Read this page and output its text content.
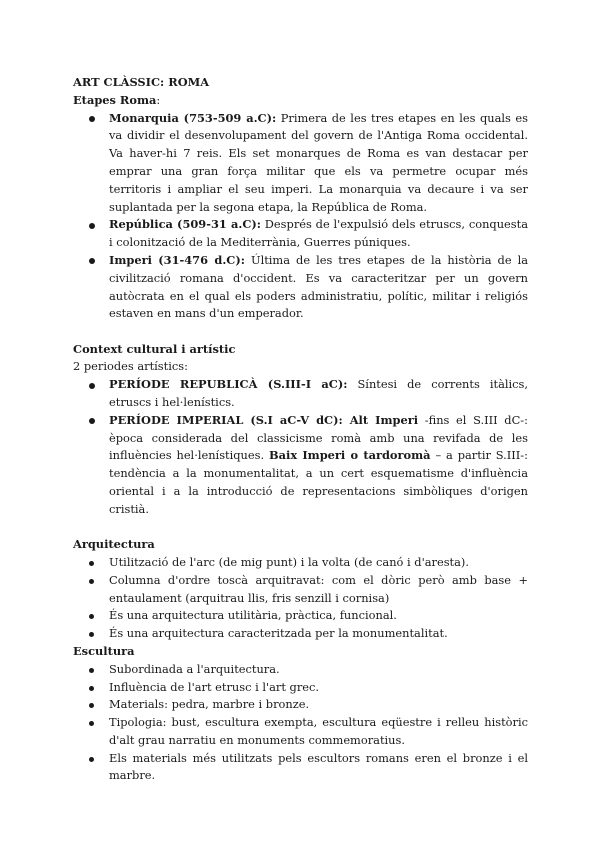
ART CLÀSSIC: ROMA

Etapes Roma:

Monarquia (753-509 a.C): Primera de les tres etapes en les quals es va dividir el desenvolupament del govern de l'Antiga Roma occidental. Va haver-hi 7 reis. Els set monarques de Roma es van destacar per emprar una gran força militar que els va permetre ocupar més territoris i ampliar el seu imperi. La monarquia va decaure i va ser suplantada per la segona etapa, la República de Roma.
República (509-31 a.C): Després de l'expulsió dels etruscs, conquesta i colonització de la Mediterrània, Guerres púniques.
Imperi (31-476 d.C): Última de les tres etapes de la història de la civilització romana d'occident. Es va caracteritzar per un govern autòcrata en el qual els poders administratiu, polític, militar i religiós estaven en mans d'un emperador.

Context cultural i artístic

2 periodes artístics:

PERÍODE REPUBLICÀ (S.III-I aC): Síntesi de corrents itàlics, etruscs i hel·lenístics.
PERÍODE IMPERIAL (S.I aC-V dC): Alt Imperi -fins el S.III dC-: època considerada del classicisme romà amb una revifada de les influències hel·lenístiques. Baix Imperi o tardoromà – a partir S.III-: tendència a la monumentalitat, a un cert esquematisme d'influència oriental i a la introducció de representacions simbòliques d'origen cristià.

Arquitectura

Utilització de l'arc (de mig punt) i la volta (de canó i d'aresta).
Columna d'ordre toscà arquitravat: com el dòric però amb base + entaulament (arquitrau llis, fris senzill i cornisa)
És una arquitectura utilitària, pràctica, funcional.
És una arquitectura caracteritzada per la monumentalitat.

Escultura

Subordinada a l'arquitectura.
Influència de l'art etrusc i l'art grec.
Materials: pedra, marbre i bronze.
Tipologia: bust, escultura exempta, escultura eqüestre i relleu històric d'alt grau narratiu en monuments commemoratius.
Els materials més utilitzats pels escultors romans eren el bronze i el marbre.
